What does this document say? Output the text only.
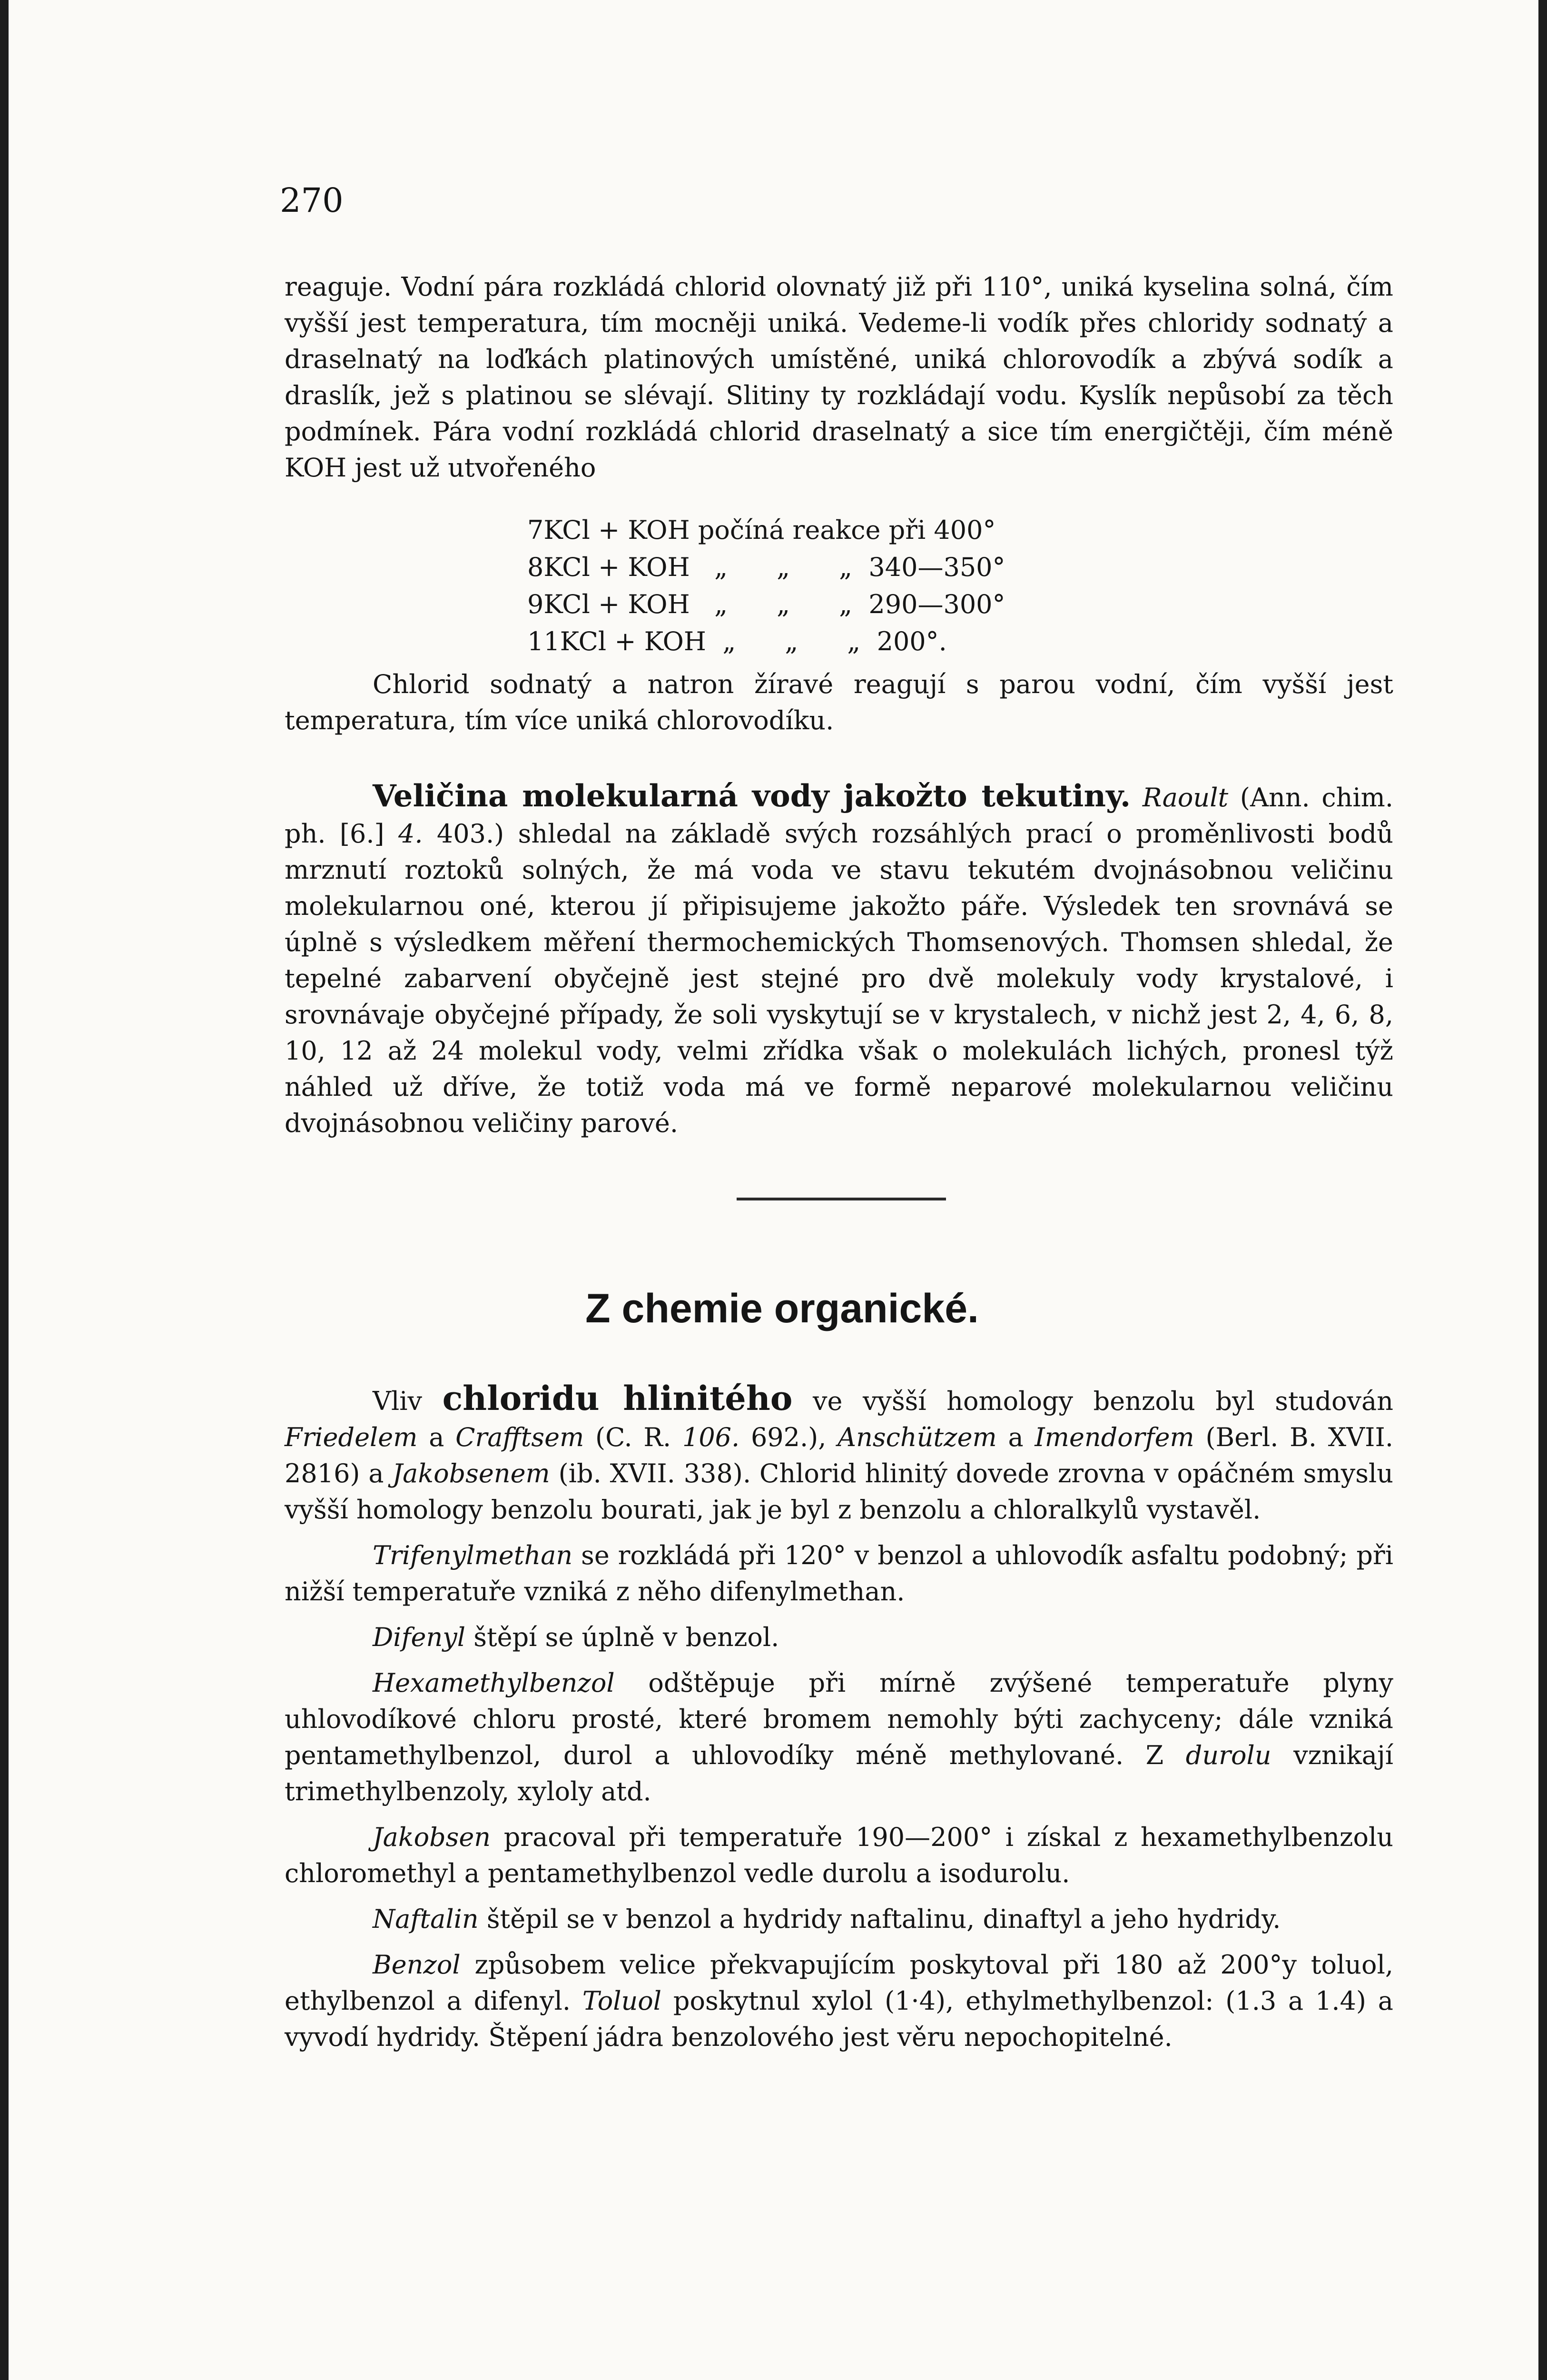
270
reaguje. Vodní pára rozkládá chlorid olovnatý již při 110°, uniká kyselina solná, čím vyšší jest temperatura, tím mocněji uniká. Vedeme-li vodík přes chloridy sodnatý a draselnatý na loďkách platinových umístěné, uniká chlorovodík a zbývá sodík a draslík, jež s platinou se slévají. Slitiny ty rozkládají vodu. Kyslík nepůsobí za těch podmínek. Pára vodní rozkládá chlorid draselnatý a sice tím energičtěji, čím méně KOH jest už utvořeného
7KCl + KOH počíná reakce při 400°
8KCl + KOH   „      „      „  340—350°
9KCl + KOH   „      „      „  290—300°
11KCl + KOH  „      „      „  200°.
Chlorid sodnatý a natron žíravé reagují s parou vodní, čím vyšší jest temperatura, tím více uniká chlorovodíku.
Veličina molekularná vody jakožto tekutiny. Raoult (Ann. chim. ph. [6.] 4. 403.) shledal na základě svých rozsáhlých prací o proměnlivosti bodů mrznutí roztoků solných, že má voda ve stavu tekutém dvojnásobnou veličinu molekularnou oné, kterou jí připisujeme jakožto páře. Výsledek ten srovnává se úplně s výsledkem měření thermochemických Thomsenových. Thomsen shledal, že tepelné zabarvení obyčejně jest stejné pro dvě molekuly vody krystalové, i srovnávaje obyčejné případy, že soli vyskytují se v krystalech, v nichž jest 2, 4, 6, 8, 10, 12 až 24 molekul vody, velmi zřídka však o molekulách lichých, pronesl týž náhled už dříve, že totiž voda má ve formě neparové molekularnou veličinu dvojnásobnou veličiny parové.
Z chemie organické.

Vliv chloridu hlinitého ve vyšší homology benzolu byl studován Friedelem a Crafftsem (C. R. 106. 692.), Anschützem a Imendorfem (Berl. B. XVII. 2816) a Jakobsenem (ib. XVII. 338). Chlorid hlinitý dovede zrovna v opáčném smyslu vyšší homology benzolu bourati, jak je byl z benzolu a chloralkylů vystavěl.

Trifenylmethan se rozkládá při 120° v benzol a uhlovodík asfaltu podobný; při nižší temperatuře vzniká z něho difenylmethan.

Difenyl štěpí se úplně v benzol.

Hexamethylbenzol odštěpuje při mírně zvýšené temperatuře plyny uhlovodíkové chloru prosté, které bromem nemohly býti zachyceny; dále vzniká pentamethylbenzol, durol a uhlovodíky méně methylované. Z durolu vznikají trimethylbenzoly, xyloly atd.

Jakobsen pracoval při temperatuře 190—200° i získal z hexamethylbenzolu chloromethyl a pentamethylbenzol vedle durolu a isodurolu.

Naftalin štěpil se v benzol a hydridy naftalinu, dinaftyl a jeho hydridy.

Benzol způsobem velice překvapujícím poskytoval při 180 až 200°y toluol, ethylbenzol a difenyl. Toluol poskytnul xylol (1·4), ethylmethylbenzol: (1.3 a 1.4) a vyvodí hydridy. Štěpení jádra benzolového jest věru nepochopitelné.
